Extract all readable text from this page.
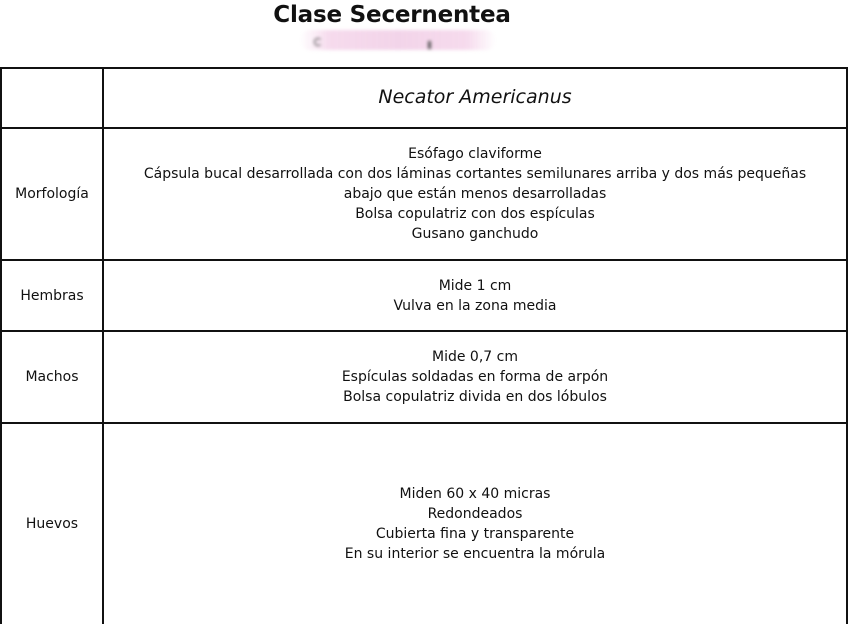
Clase Secernentea
	Necator Americanus
Morfología	Esófago claviforme
Cápsula bucal desarrollada con dos láminas cortantes semilunares arriba y dos más pequeñas
abajo que están menos desarrolladas
Bolsa copulatriz con dos espículas
Gusano ganchudo

Hembras	Mide 1 cm
Vulva en la zona media

Machos	Mide 0,7 cm
Espículas soldadas en forma de arpón
Bolsa copulatriz divida en dos lóbulos

Huevos	Miden 60 x 40 micras
Redondeados
Cubierta fina y transparente
En su interior se encuentra la mórula
